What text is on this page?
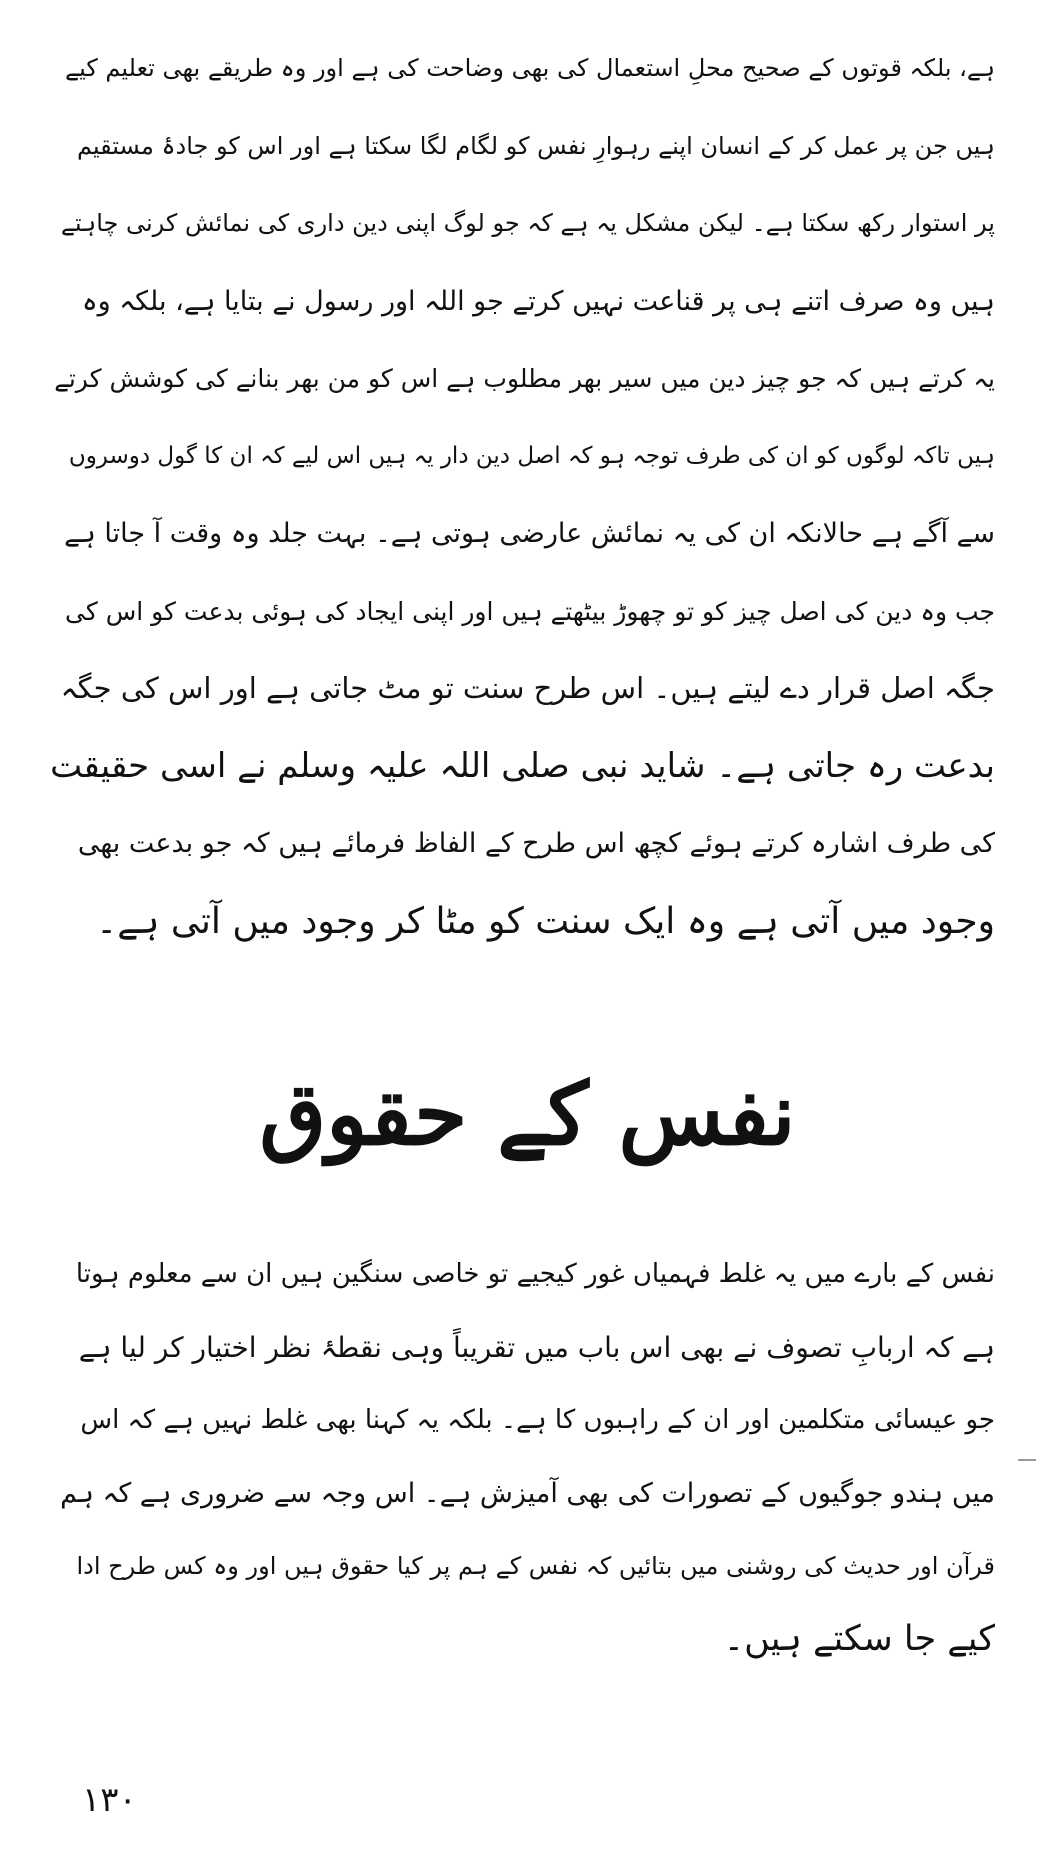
ہے، بلکہ قوتوں کے صحیح محلِ استعمال کی بھی وضاحت کی ہے اور وہ طریقے بھی تعلیم کیے
ہیں جن پر عمل کر کے انسان اپنے رہوارِ نفس کو لگام لگا سکتا ہے اور اس کو جادۂ مستقیم
پر استوار رکھ سکتا ہے۔ لیکن مشکل یہ ہے کہ جو لوگ اپنی دین داری کی نمائش کرنی چاہتے
ہیں وہ صرف اتنے ہی پر قناعت نہیں کرتے جو اللہ اور رسول نے بتایا ہے، بلکہ وہ
یہ کرتے ہیں کہ جو چیز دین میں سیر بھر مطلوب ہے اس کو من بھر بنانے کی کوشش کرتے
ہیں تاکہ لوگوں کو ان کی طرف توجہ ہو کہ اصل دین دار یہ ہیں اس لیے کہ ان کا گول دوسروں
سے آگے ہے حالانکہ ان کی یہ نمائش عارضی ہوتی ہے۔ بہت جلد وہ وقت آ جاتا ہے
جب وہ دین کی اصل چیز کو تو چھوڑ بیٹھتے ہیں اور اپنی ایجاد کی ہوئی بدعت کو اس کی
جگہ اصل قرار دے لیتے ہیں۔ اس طرح سنت تو مٹ جاتی ہے اور اس کی جگہ
بدعت رہ جاتی ہے۔ شاید نبی صلی اللہ علیہ وسلم نے اسی حقیقت
کی طرف اشارہ کرتے ہوئے کچھ اس طرح کے الفاظ فرمائے ہیں کہ جو بدعت بھی
وجود میں آتی ہے وہ ایک سنت کو مٹا کر وجود میں آتی ہے۔
نفس کے حقوق
نفس کے بارے میں یہ غلط فہمیاں غور کیجیے تو خاصی سنگین ہیں ان سے معلوم ہوتا
ہے کہ اربابِ تصوف نے بھی اس باب میں تقریباً وہی نقطۂ نظر اختیار کر لیا ہے
جو عیسائی متکلمین اور ان کے راہبوں کا ہے۔ بلکہ یہ کہنا بھی غلط نہیں ہے کہ اس
میں ہندو جوگیوں کے تصورات کی بھی آمیزش ہے۔ اس وجہ سے ضروری ہے کہ ہم
قرآن اور حدیث کی روشنی میں بتائیں کہ نفس کے ہم پر کیا حقوق ہیں اور وہ کس طرح ادا
کیے جا سکتے ہیں۔
۱۳۰
